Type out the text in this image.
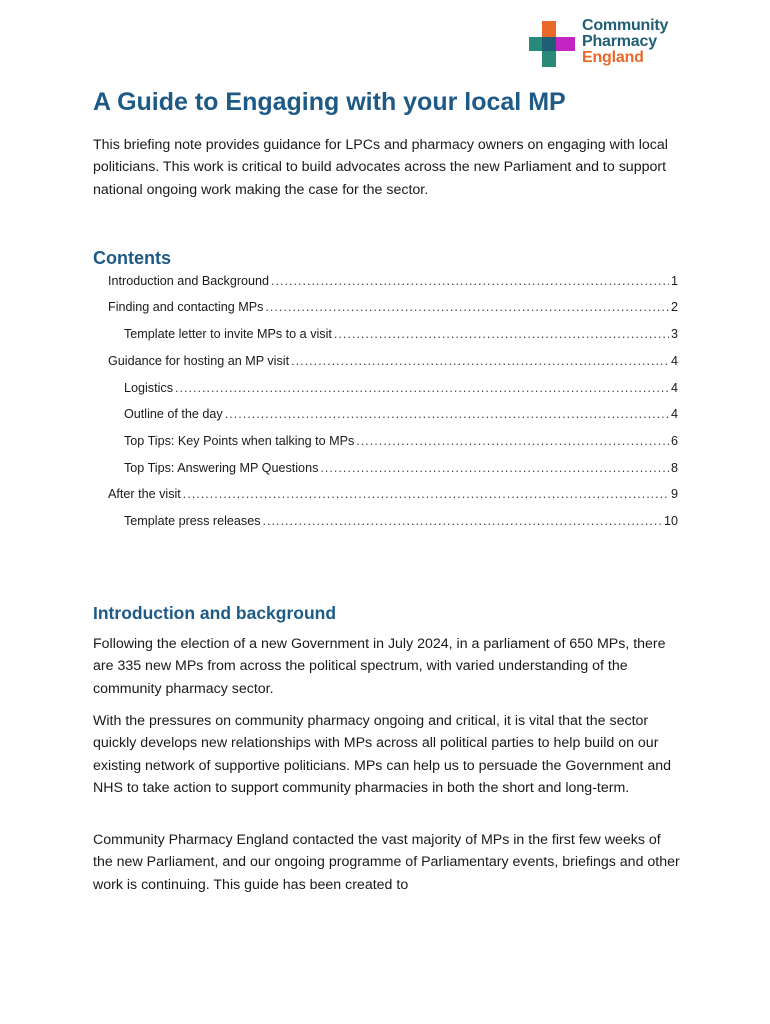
Community
Pharmacy
England
A Guide to Engaging with your local MP

This briefing note provides guidance for LPCs and pharmacy owners on engaging with local politicians. This work is critical to build advocates across the new Parliament and to support national ongoing work making the case for the sector.

Contents
Introduction and Background .....	1
Finding and contacting MPs .....	2
Template letter to invite MPs to a visit .....	3
Guidance for hosting an MP visit .....	4
Logistics .....	4
Outline of the day .....	4
Top Tips: Key Points when talking to MPs .....	6
Top Tips: Answering MP Questions .....	8
After the visit .....	9
Template press releases .....	10
Introduction and background

Following the election of a new Government in July 2024, in a parliament of 650 MPs, there are 335 new MPs from across the political spectrum, with varied understanding of the community pharmacy sector.

With the pressures on community pharmacy ongoing and critical, it is vital that the sector quickly develops new relationships with MPs across all political parties to help build on our existing network of supportive politicians. MPs can help us to persuade the Government and NHS to take action to support community pharmacies in both the short and long-term.

Community Pharmacy England contacted the vast majority of MPs in the first few weeks of the new Parliament, and our ongoing programme of Parliamentary events, briefings and other work is continuing. This guide has been created to
